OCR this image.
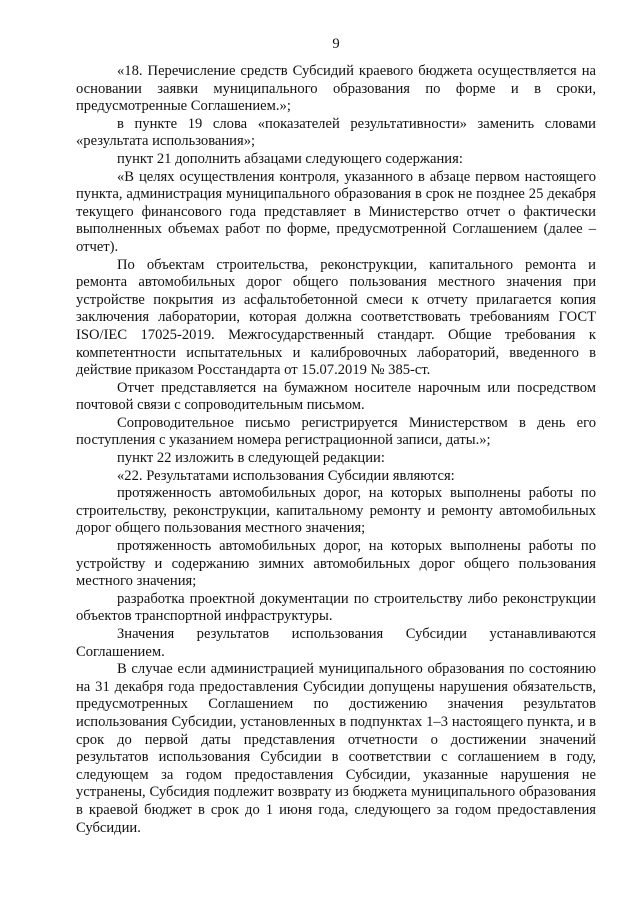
9

«18. Перечисление средств Субсидий краевого бюджета осуществляется на основании заявки муниципального образования по форме и в сроки, предусмотренные Соглашением.»;

в пункте 19 слова «показателей результативности» заменить словами «результата использования»;

пункт 21 дополнить абзацами следующего содержания:

«В целях осуществления контроля, указанного в абзаце первом настоящего пункта, администрация муниципального образования в срок не позднее 25 декабря текущего финансового года представляет в Министерство отчет о фактически выполненных объемах работ по форме, предусмотренной Соглашением (далее – отчет).

По объектам строительства, реконструкции, капитального ремонта и ремонта автомобильных дорог общего пользования местного значения при устройстве покрытия из асфальтобетонной смеси к отчету прилагается копия заключения лаборатории, которая должна соответствовать требованиям ГОСТ ISO/IEC 17025-2019. Межгосударственный стандарт. Общие требования к компетентности испытательных и калибровочных лабораторий, введенного в действие приказом Росстандарта от 15.07.2019 № 385-ст.

Отчет представляется на бумажном носителе нарочным или посредством почтовой связи с сопроводительным письмом.

Сопроводительное письмо регистрируется Министерством в день его поступления с указанием номера регистрационной записи, даты.»;

пункт 22 изложить в следующей редакции:

«22. Результатами использования Субсидии являются:

протяженность автомобильных дорог, на которых выполнены работы по строительству, реконструкции, капитальному ремонту и ремонту автомобильных дорог общего пользования местного значения;

протяженность автомобильных дорог, на которых выполнены работы по устройству и содержанию зимних автомобильных дорог общего пользования местного значения;

разработка проектной документации по строительству либо реконструкции объектов транспортной инфраструктуры.

Значения результатов использования Субсидии устанавливаются Соглашением.

В случае если администрацией муниципального образования по состоянию на 31 декабря года предоставления Субсидии допущены нарушения обязательств, предусмотренных Соглашением по достижению значения результатов использования Субсидии, установленных в подпунктах 1–3 настоящего пункта, и в срок до первой даты представления отчетности о достижении значений результатов использования Субсидии в соответствии с соглашением в году, следующем за годом предоставления Субсидии, указанные нарушения не устранены, Субсидия подлежит возврату из бюджета муниципального образования в краевой бюджет в срок до 1 июня года, следующего за годом предоставления Субсидии.
